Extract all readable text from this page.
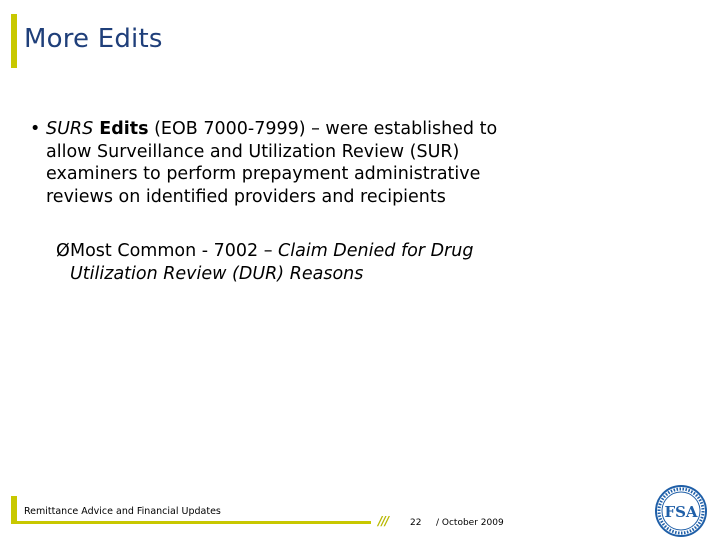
More Edits
• SURS Edits (EOB 7000-7999) – were established to allow Surveillance and Utilization Review (SUR) examiners to perform prepayment administrative reviews on identified providers and recipients
Ø Most Common - 7002 – Claim Denied for Drug Utilization Review (DUR) Reasons
Remittance Advice and Financial Updates
/// 22 / October 2009
FSA
